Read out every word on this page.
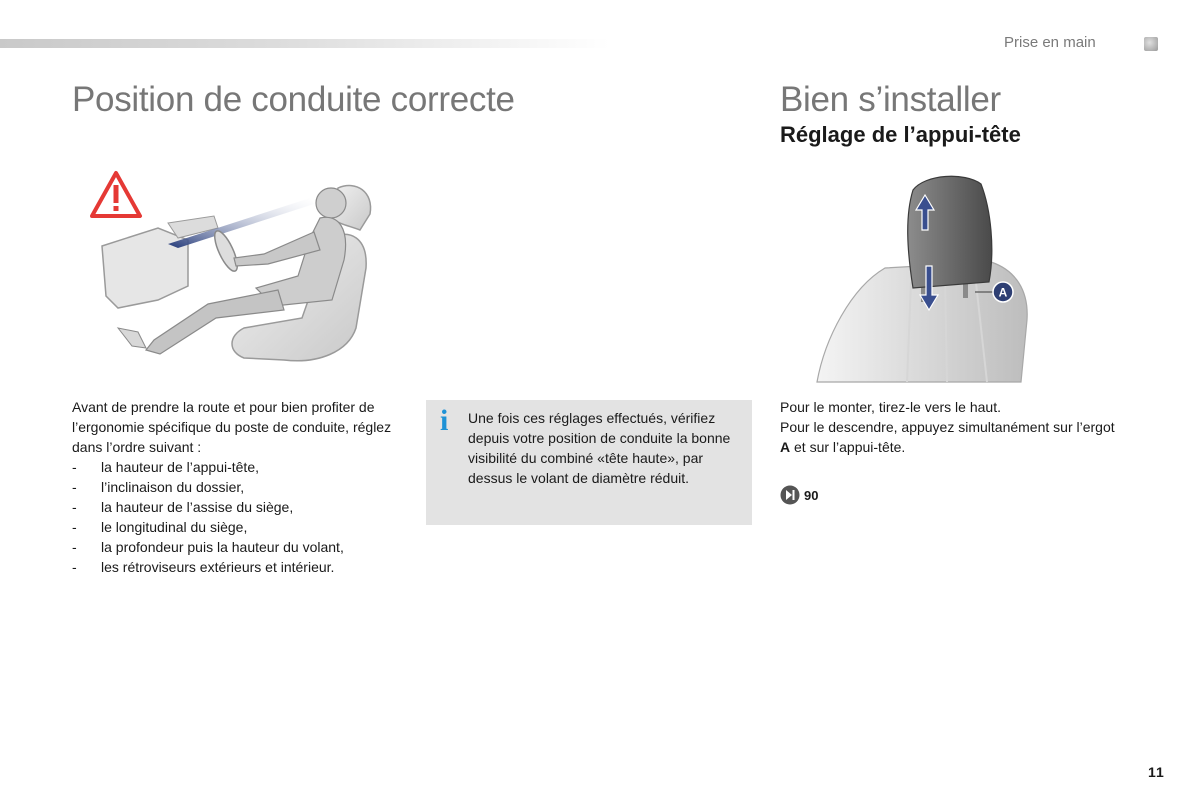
Prise en main
Position de conduite correcte	Bien s’installer
Réglage de l’appui-tête
A

Avant de prendre la route et pour bien profiter de l’ergonomie spécifique du poste de conduite, réglez dans l’ordre suivant :

- la hauteur de l’appui-tête,
- l’inclinaison du dossier,
- la hauteur de l’assise du siège,
- le longitudinal du siège,
- la profondeur puis la hauteur du volant,
- les rétroviseurs extérieurs et intérieur.
i Une fois ces réglages effectués, vérifiez depuis votre position de conduite la bonne visibilité du combiné «tête haute», par dessus le volant de diamètre réduit.

Pour le monter, tirez-le vers le haut.
Pour le descendre, appuyez simultanément sur l’ergot A et sur l’appui-tête.

90
11
